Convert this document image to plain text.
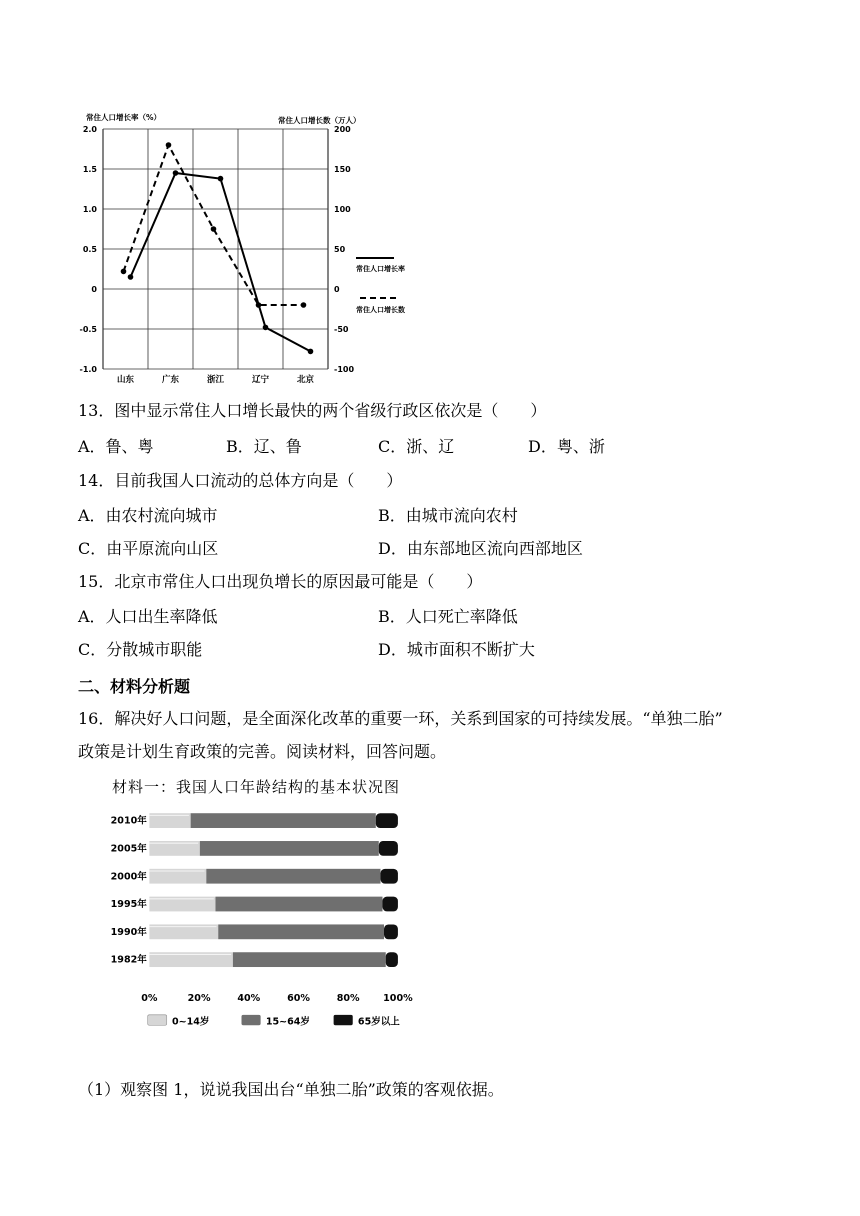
2.0	200
1.5	150
1.0	100
0.5	50
0	0
-0.5	-50
-1.0	-100
山东	广东	浙江	辽宁	北京
常住人口增长率（%）	常住人口增长数（万人）
常住人口增长率
常住人口增长数
13．图中显示常住人口增长最快的两个省级行政区依次是（　　）
A．鲁、粤	B．辽、鲁	C．浙、辽	D．粤、浙
14．目前我国人口流动的总体方向是（　　）
A．由农村流向城市	B．由城市流向农村
C．由平原流向山区	D．由东部地区流向西部地区
15．北京市常住人口出现负增长的原因最可能是（　　）
A．人口出生率降低	B．人口死亡率降低
C．分散城市职能	D．城市面积不断扩大
二、材料分析题
16．解决好人口问题，是全面深化改革的重要一环，关系到国家的可持续发展。“单独二胎”
政策是计划生育政策的完善。阅读材料，回答问题。
材料一：我国人口年龄结构的基本状况图
2010年
2005年
2000年
1995年
1990年
1982年
0%	20% 40% 60% 80% 100%
0~14岁	15~64岁	65岁以上
（1）观察图 1，说说我国出台“单独二胎”政策的客观依据。
